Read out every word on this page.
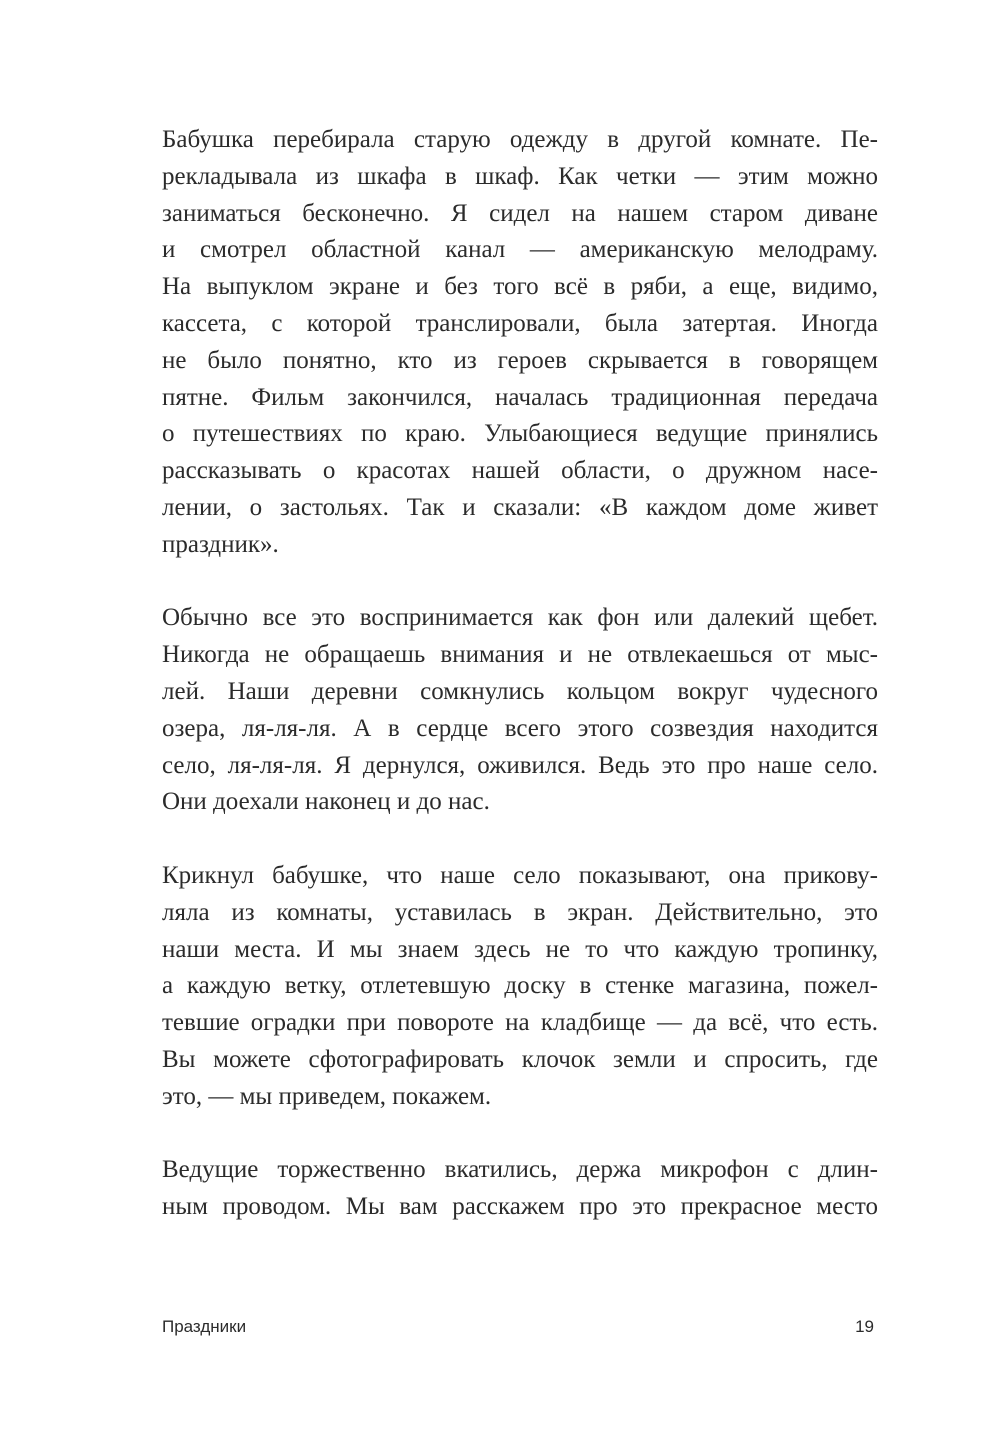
Бабушка перебирала старую одежду в другой комнате. Пе-
рекладывала из шкафа в шкаф. Как четки — этим можно
заниматься бесконечно. Я сидел на нашем старом диване
и смотрел областной канал — американскую мелодраму.
На выпуклом экране и без того всё в ряби, а еще, видимо,
кассета, с которой транслировали, была затертая. Иногда
не было понятно, кто из героев скрывается в говорящем
пятне. Фильм закончился, началась традиционная передача
о путешествиях по краю. Улыбающиеся ведущие принялись
рассказывать о красотах нашей области, о дружном насе-
лении, о застольях. Так и сказали: «В каждом доме живет
праздник».
Обычно все это воспринимается как фон или далекий щебет.
Никогда не обращаешь внимания и не отвлекаешься от мыс-
лей. Наши деревни сомкнулись кольцом вокруг чудесного
озера, ля-ля-ля. А в сердце всего этого созвездия находится
село, ля-ля-ля. Я дернулся, оживился. Ведь это про наше село.
Они доехали наконец и до нас.
Крикнул бабушке, что наше село показывают, она прикову-
ляла из комнаты, уставилась в экран. Действительно, это
наши места. И мы знаем здесь не то что каждую тропинку,
а каждую ветку, отлетевшую доску в стенке магазина, пожел-
тевшие оградки при повороте на кладбище — да всё, что есть.
Вы можете сфотографировать клочок земли и спросить, где
это, — мы приведем, покажем.
Ведущие торжественно вкатились, держа микрофон с длин-
ным проводом. Мы вам расскажем про это прекрасное место
Праздники	19
